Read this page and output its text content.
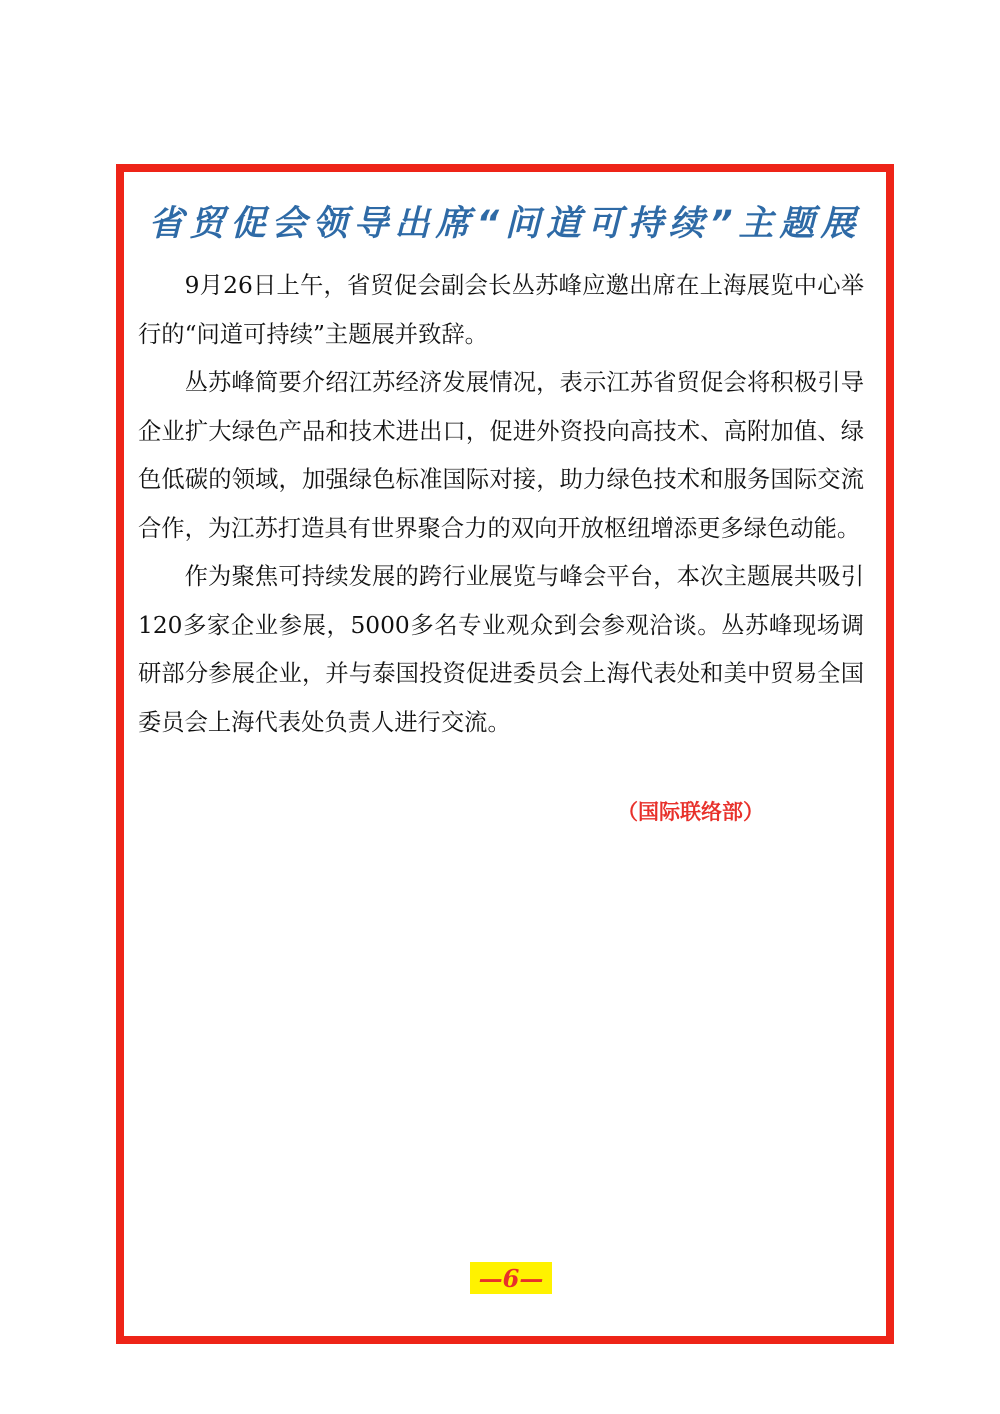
省贸促会领导出席“问道可持续”主题展

9月26日上午，省贸促会副会长丛苏峰应邀出席在上海展览中心举行的“问道可持续”主题展并致辞。

丛苏峰简要介绍江苏经济发展情况，表示江苏省贸促会将积极引导企业扩大绿色产品和技术进出口，促进外资投向高技术、高附加值、绿色低碳的领域，加强绿色标准国际对接，助力绿色技术和服务国际交流合作，为江苏打造具有世界聚合力的双向开放枢纽增添更多绿色动能。

作为聚焦可持续发展的跨行业展览与峰会平台，本次主题展共吸引120多家企业参展，5000多名专业观众到会参观洽谈。丛苏峰现场调研部分参展企业，并与泰国投资促进委员会上海代表处和美中贸易全国委员会上海代表处负责人进行交流。

（国际联络部）
—6—
